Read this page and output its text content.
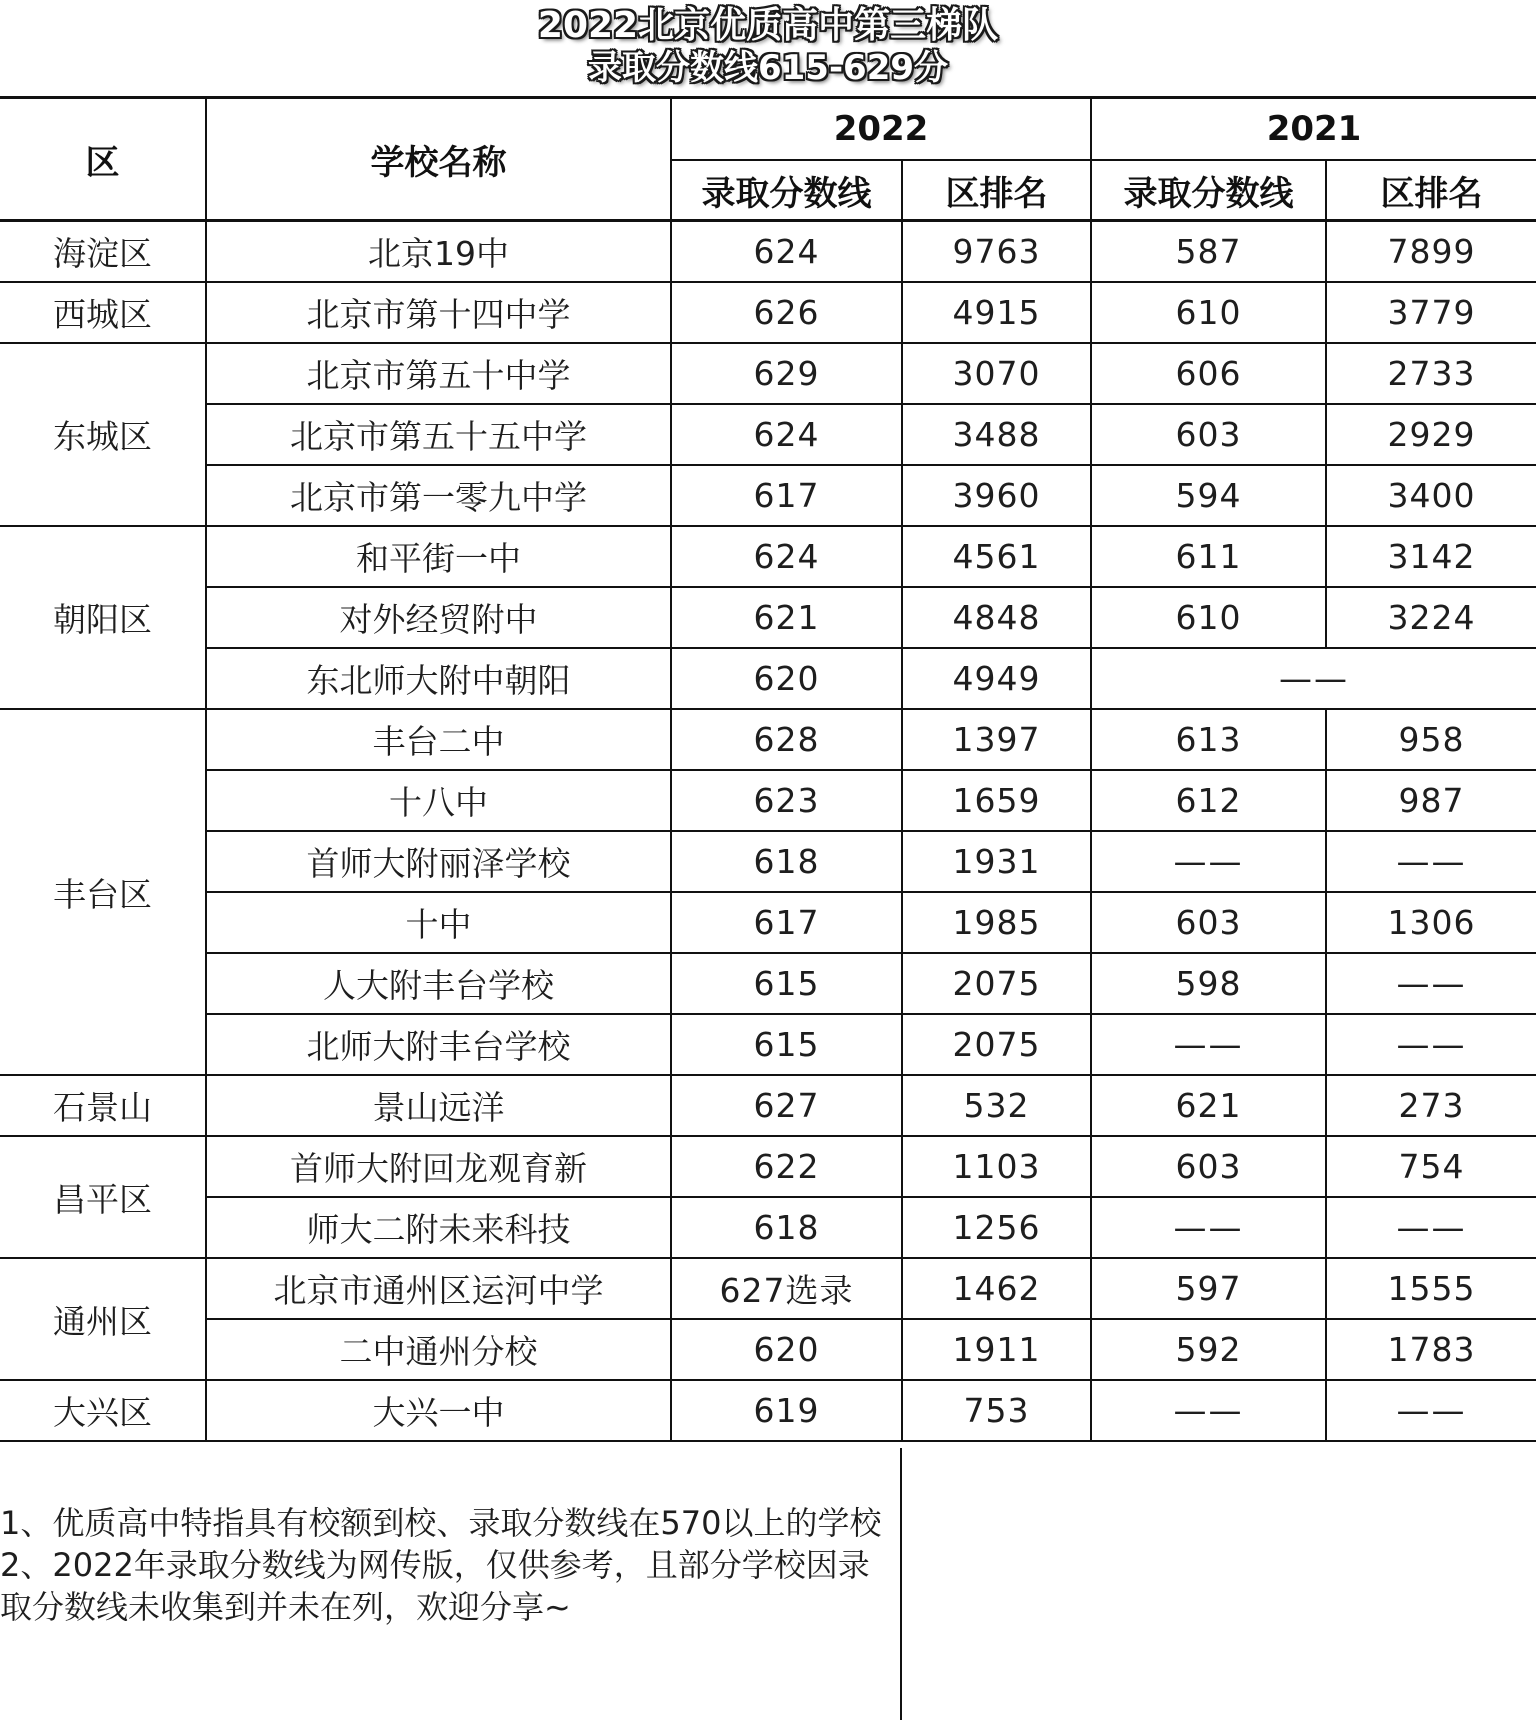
2022北京优质高中第三梯队
录取分数线615-629分
区	学校名称	2022		2021	
		录取分数线	区排名	录取分数线	区排名
海淀区	北京19中	624	9763	587	7899
西城区	北京市第十四中学	626	4915	610	3779
东城区	北京市第五十中学	629	3070	606	2733
	北京市第五十五中学	624	3488	603	2929
	北京市第一零九中学	617	3960	594	3400
朝阳区	和平街一中	624	4561	611	3142
	对外经贸附中	621	4848	610	3224
	东北师大附中朝阳	620	4949	——	
丰台区	丰台二中	628	1397	613	958
	十八中	623	1659	612	987
	首师大附丽泽学校	618	1931	——	——
	十中	617	1985	603	1306
	人大附丰台学校	615	2075	598	——
	北师大附丰台学校	615	2075	——	——
石景山	景山远洋	627	532	621	273
昌平区	首师大附回龙观育新	622	1103	603	754
	师大二附未来科技	618	1256	——	——
通州区	北京市通州区运河中学	627选录	1462	597	1555
	二中通州分校	620	1911	592	1783
大兴区	大兴一中	619	753	——	——

1、优质高中特指具有校额到校、录取分数线在570以上的学校

2、2022年录取分数线为网传版，仅供参考，且部分学校因录取分数线未收集到并未在列，欢迎分享~
